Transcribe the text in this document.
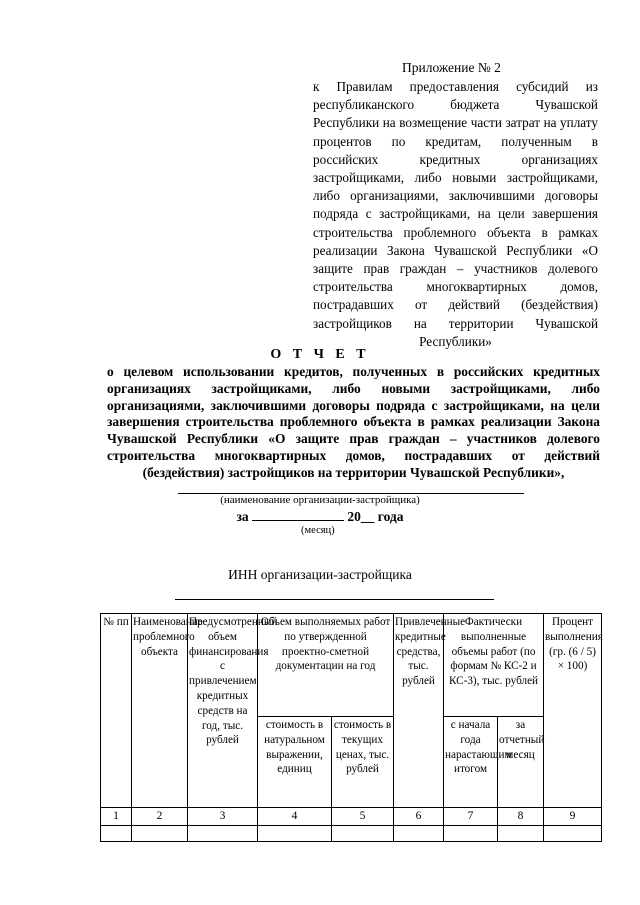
Приложение № 2
к Правилам предоставления субсидий из республиканского бюджета Чувашской Республики на возмещение части затрат на уплату процентов по кредитам, полученным в российских кредитных организациях застройщиками, либо новыми застройщиками, либо организациями, заключившими договоры подряда с застройщиками, на цели завершения строительства проблемного объекта в рамках реализации Закона Чувашской Республики «О защите прав граждан – участников долевого строительства многоквартирных домов, пострадавших от действий (бездействия) застройщиков на территории Чувашской Республики»
О Т Ч Е Т
о целевом использовании кредитов, полученных в российских кредитных организациях застройщиками, либо новыми застройщиками, либо организациями, заключившими договоры подряда с застройщиками, на цели завершения строительства проблемного объекта в рамках реализации Закона Чувашской Республики «О защите прав граждан – участников долевого строительства многоквартирных домов, пострадавших от действий (бездействия) застройщиков на территории Чувашской Республики»,
(наименование организации-застройщика)
за	20__ года
(месяц)
ИНН организации-застройщика
№ пп	Наименование проблемного объекта	Предусмотренный объем финансирования с привлечением кредитных средств на год, тыс. рублей	Объем выполняемых работ по утвержденной проектно-сметной документации на год		Привлеченные кредитные средства, тыс. рублей	Фактически выполненные объемы работ (по формам № КС-2 и КС-3), тыс. рублей		Процент выполнения (гр. (6 / 5) × 100)
			стоимость в натуральном выражении, единиц	стоимость в текущих ценах, тыс. рублей		с начала года нарастающим итогом	за отчетный месяц	
1	2	3	4	5	6	7	8	9
